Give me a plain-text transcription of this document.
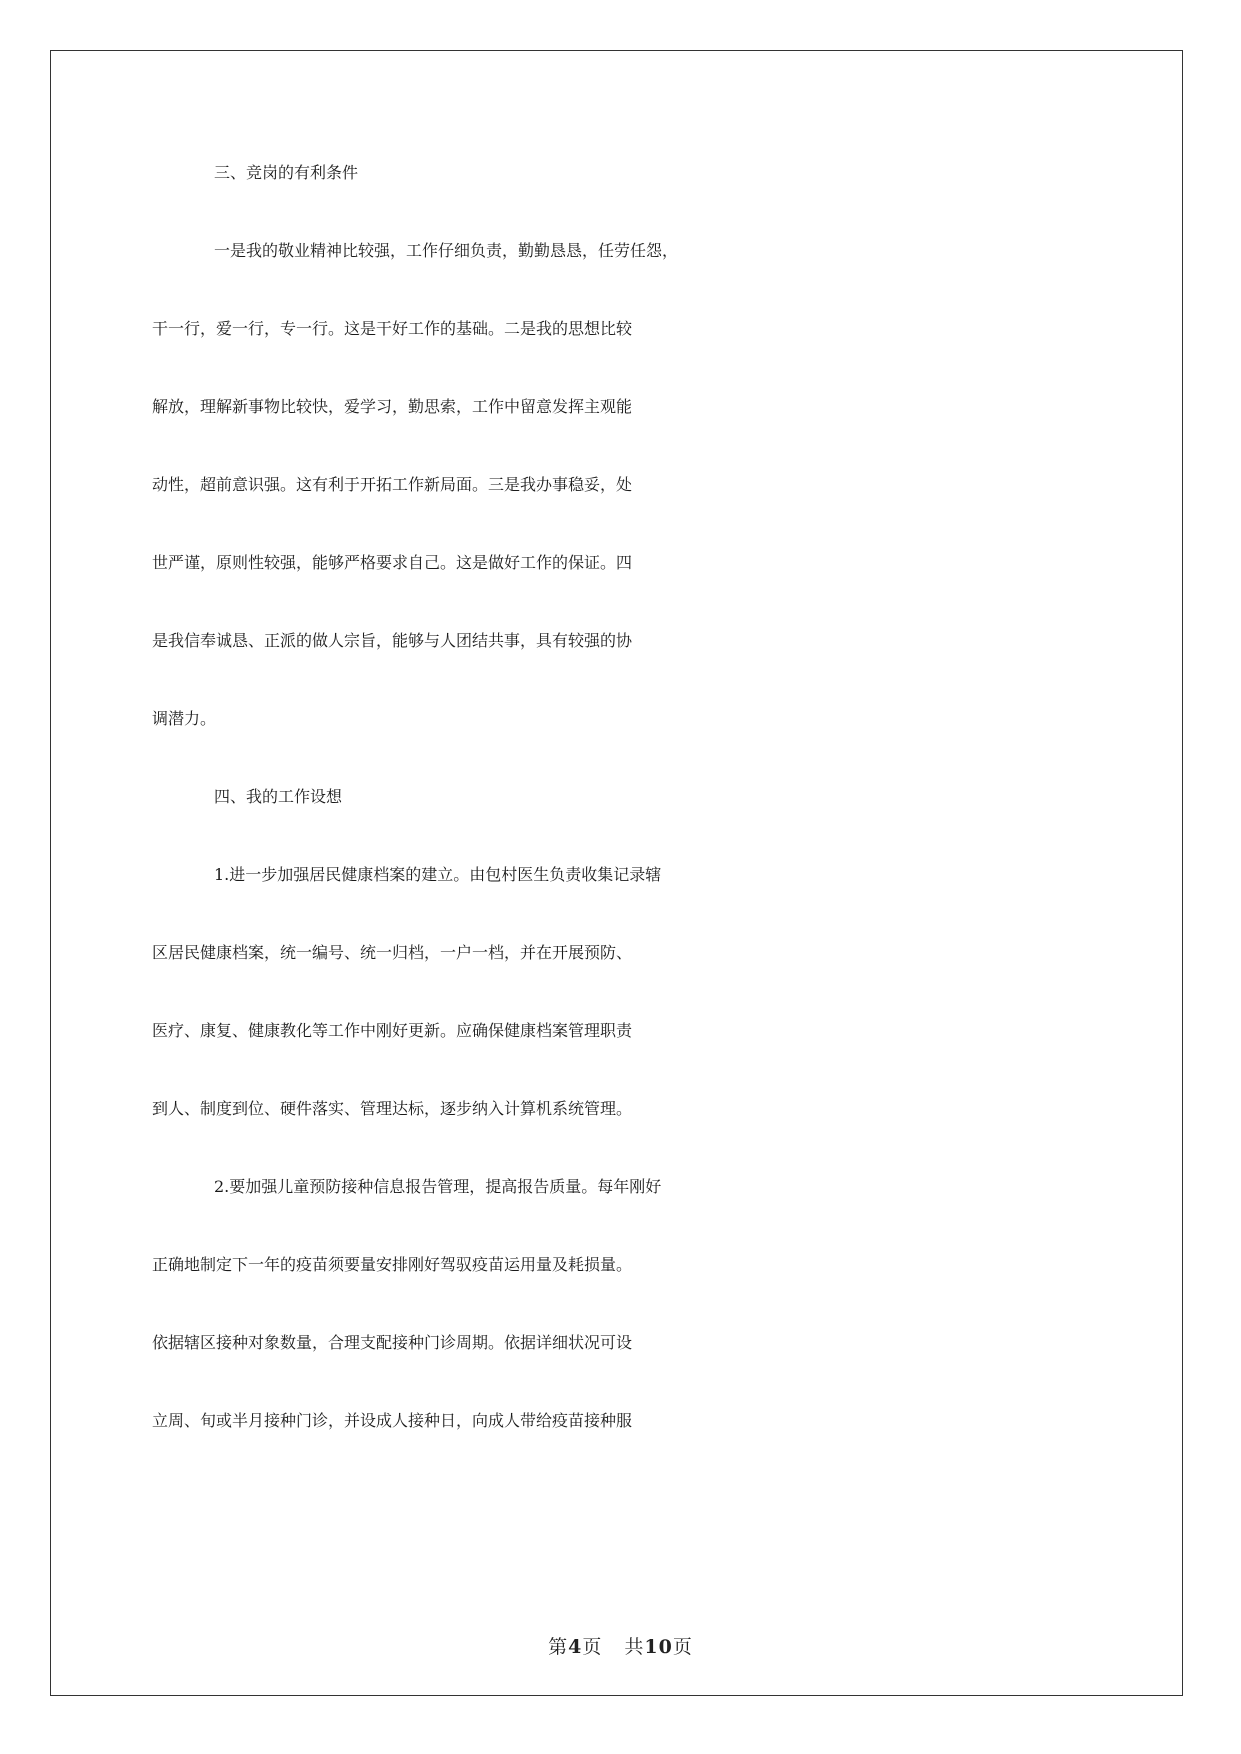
三、竞岗的有利条件
一是我的敬业精神比较强，工作仔细负责，勤勤恳恳，任劳任怨，
干一行，爱一行，专一行。这是干好工作的基础。二是我的思想比较
解放，理解新事物比较快，爱学习，勤思索，工作中留意发挥主观能
动性，超前意识强。这有利于开拓工作新局面。三是我办事稳妥，处
世严谨，原则性较强，能够严格要求自己。这是做好工作的保证。四
是我信奉诚恳、正派的做人宗旨，能够与人团结共事，具有较强的协
调潜力。
四、我的工作设想
1.进一步加强居民健康档案的建立。由包村医生负责收集记录辖
区居民健康档案，统一编号、统一归档，一户一档，并在开展预防、
医疗、康复、健康教化等工作中刚好更新。应确保健康档案管理职责
到人、制度到位、硬件落实、管理达标，逐步纳入计算机系统管理。
2.要加强儿童预防接种信息报告管理，提高报告质量。每年刚好
正确地制定下一年的疫苗须要量安排刚好驾驭疫苗运用量及耗损量。
依据辖区接种对象数量，合理支配接种门诊周期。依据详细状况可设
立周、旬或半月接种门诊，并设成人接种日，向成人带给疫苗接种服
第4页 共10页
